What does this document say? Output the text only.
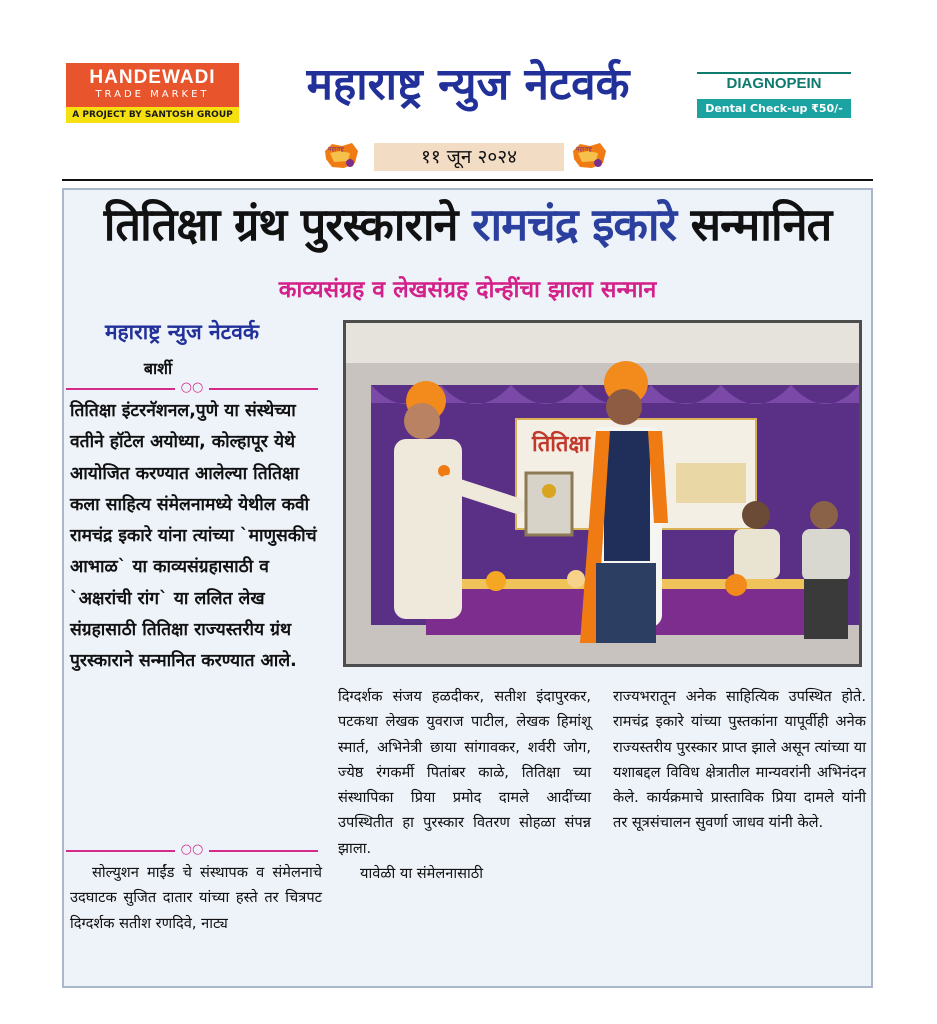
HANDEWADI
TRADE MARKET
A PROJECT BY SANTOSH GROUP
महाराष्ट्र न्युज नेटवर्क	DIAGNOPEIN
Dental Check-up ₹50/-
महाराष्ट्र	११ जून २०२४	महाराष्ट्र
तितिक्षा ग्रंथ पुरस्काराने रामचंद्र इकारे सन्मानित
काव्यसंग्रह व लेखसंग्रह दोन्हींचा झाला सन्मान
महाराष्ट्र न्युज नेटवर्क
बार्शी
○○
तितिक्षा इंटरनॅशनल,पुणे या संस्थेच्या वतीने हॉटेल अयोध्या, कोल्हापूर येथे आयोजित करण्यात आलेल्या तितिक्षा कला साहित्य संमेलनामध्ये येथील कवी रामचंद्र इकारे यांना त्यांच्या `माणुसकीचं आभाळ` या काव्यसंग्रहासाठी व `अक्षरांची रांग` या ललित लेख संग्रहासाठी तितिक्षा राज्यस्तरीय ग्रंथ पुरस्काराने सन्मानित करण्यात आले.
○○
तितिक्षा
सोल्युशन माईंड चे संस्थापक व संमेलनाचे उदघाटक सुजित दातार यांच्या हस्ते तर चित्रपट दिग्दर्शक सतीश रणदिवे, नाट्य
दिग्दर्शक संजय हळदीकर, सतीश इंदापुरकर, पटकथा लेखक युवराज पाटील, लेखक हिमांशू स्मार्त, अभिनेत्री छाया सांगावकर, शर्वरी जोग, ज्येष्ठ रंगकर्मी पितांबर काळे, तितिक्षा च्या संस्थापिका प्रिया प्रमोद दामले आदींच्या उपस्थितीत हा पुरस्कार वितरण सोहळा संपन्न झाला.
यावेळी या संमेलनासाठी
राज्यभरातून अनेक साहित्यिक उपस्थित होते. रामचंद्र इकारे यांच्या पुस्तकांना यापूर्वीही अनेक राज्यस्तरीय पुरस्कार प्राप्त झाले असून त्यांच्या या यशाबद्दल विविध क्षेत्रातील मान्यवरांनी अभिनंदन केले. कार्यक्रमाचे प्रास्ताविक प्रिया दामले यांनी तर सूत्रसंचालन सुवर्णा जाधव यांनी केले.
